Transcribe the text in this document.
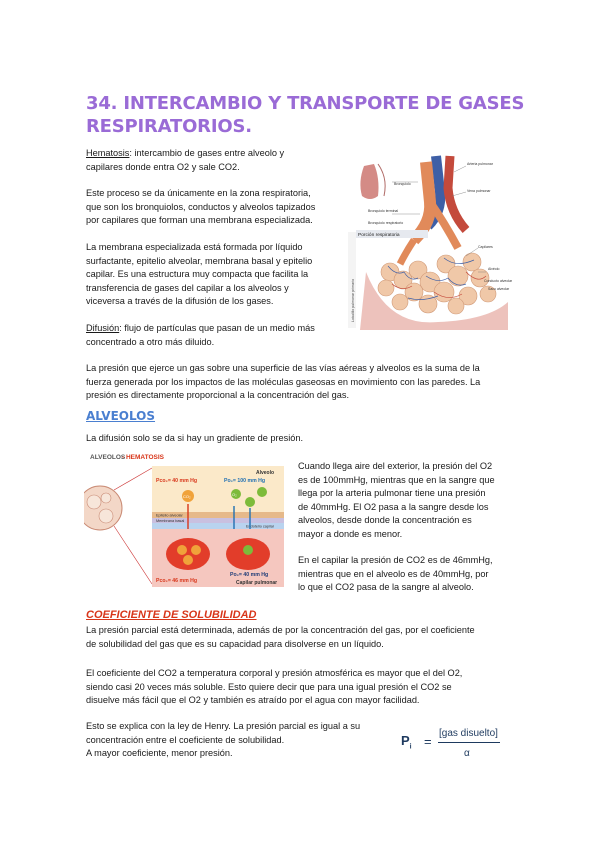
34. INTERCAMBIO Y TRANSPORTE DE GASES RESPIRATORIOS.
Hematosis: intercambio de gases entre alveolo y
capilares donde entra O2 y sale CO2.
Este proceso se da únicamente en la zona respiratoria,
que son los bronquiolos, conductos y alveolos tapizados
por capilares que forman una membrana especializada.
La membrana especializada está formada por líquido
surfactante, epitelio alveolar, membrana basal y epitelio
capilar. Es una estructura muy compacta que facilita la
transferencia de gases del capilar a los alveolos y
viceversa a través de la difusión de los gases.
Difusión: flujo de partículas que pasan de un medio más
concentrado a otro más diluido.
Bronquiolo
Bronquiolo terminal
Bronquiolo respiratorio
Porción respiratoria
Lobulillo pulmonar primario
Alvéolo
Conducto alveolar
Saco alveolar
Arteria pulmonar
Vena pulmonar
Capilares
La presión que ejerce un gas sobre una superficie de las vías aéreas y alveolos es la suma de la
fuerza generada por los impactos de las moléculas gaseosas en movimiento con las paredes. La
presión es directamente proporcional a la concentración del gas.
ALVEOLOS
La difusión solo se da si hay un gradiente de presión.
ALVEOLOS
- HEMATOSIS
Alveolo
Pco₂= 40 mm Hg	Po₂= 100 mm Hg
CO₂	O₂
Epitelio alveolar
Membrana basal
Endotelio capilar
Pco₂= 46 mm Hg
Po₂= 40 mm Hg
Capilar pulmonar
Cuando llega aire del exterior, la presión del O2
es de 100mmHg, mientras que en la sangre que
llega por la arteria pulmonar tiene una presión
de 40mmHg. El O2 pasa a la sangre desde los
alveolos, desde donde la concentración es
mayor a donde es menor.
En el capilar la presión de CO2 es de 46mmHg,
mientras que en el alveolo es de 40mmHg, por
lo que el CO2 pasa de la sangre al alveolo.
COEFICIENTE DE SOLUBILIDAD
La presión parcial está determinada, además de por la concentración del gas, por el coeficiente
de solubilidad del gas que es su capacidad para disolverse en un líquido.
El coeficiente del CO2 a temperatura corporal y presión atmosférica es mayor que el del O2,
siendo casi 20 veces más soluble. Esto quiere decir que para una igual presión el CO2 se
disuelve más fácil que el O2 y también es atraído por el agua con mayor facilidad.
Esto se explica con la ley de Henry. La presión parcial es igual a su
concentración entre el coeficiente de solubilidad.
A mayor coeficiente, menor presión.
$P_i$ =
[gas disuelto]
α
